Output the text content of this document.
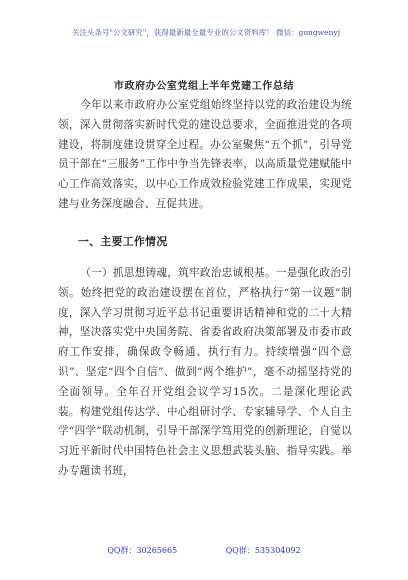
关注头条号"公文研究"，获得最新最全最专业的公文资料库！ 微信：gongwenyj
市政府办公室党组上半年党建工作总结

今年以来市政府办公室党组始终坚持以党的政治建设为统领，深入贯彻落实新时代党的建设总要求，全面推进党的各项建设，将制度建设贯穿全过程。办公室聚焦“五个抓”，引导党员干部在“三服务”工作中争当先锋表率，以高质量党建赋能中心工作高效落实，以中心工作成效检验党建工作成果，实现党建与业务深度融合、互促共进。

一、主要工作情况

（一）抓思想铸魂，筑牢政治忠诚根基。一是强化政治引领。始终把党的政治建设摆在首位，严格执行“第一议题”制度，深入学习贯彻习近平总书记重要讲话精神和党的二十大精神，坚决落实党中央国务院、省委省政府决策部署及市委市政府工作安排，确保政令畅通、执行有力。持续增强“四个意识”、坚定“四个自信”、做到“两个维护”，毫不动摇坚持党的全面领导。全年召开党组会议学习15次。二是深化理论武装。构建党组传达学、中心组研讨学、专家辅导学、个人自主学“四学”联动机制，引导干部深学笃用党的创新理论，自觉以习近平新时代中国特色社会主义思想武装头脑、指导实践。举办专题读书班，

QQ群：30265665	QQ群：535304092
